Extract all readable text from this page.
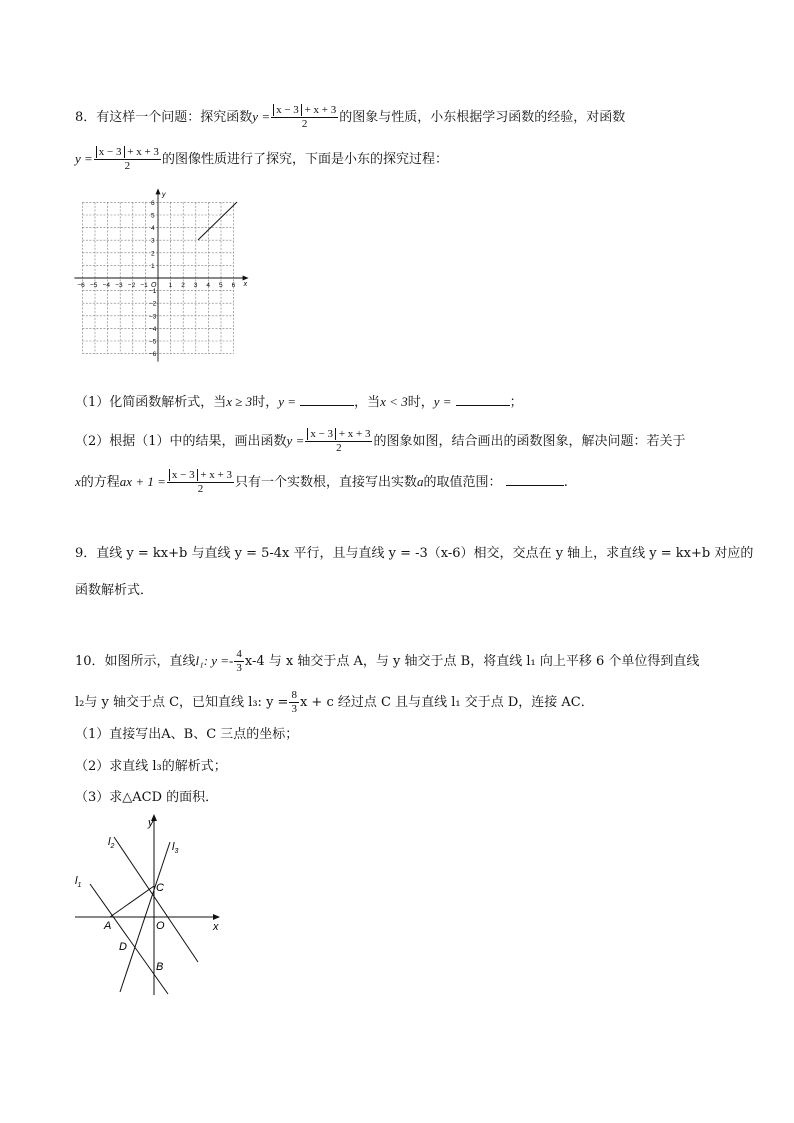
8．有这样一个问题：探究函数$y = \frac{x - 3 + x + 3}{2}$ 的图象与性质，小东根据学习函数的经验，对函数
$y = \frac{x - 3 + x + 3}{2}$ 的图像性质进行了探究，下面是小东的探究过程：
−6 −5 −4 −3 −2 −1	1 2 3 4 5 6
6
5
4
3
2
1
−1
−2
−3
−4
−5
−6
O	x
y
（1）化简函数解析式，当x ≥ 3时，y =	，当x < 3时，y =	；
（2）根据（1）中的结果，画出函数$y = \frac{x - 3 + x + 3}{2}$ 的图象如图，结合画出的函数图象，解决问题：若关于
x的方程ax + $1 = \frac{x - 3 + x + 3}{2}$ 只有一个实数根，直接写出实数a的取值范围：	.
9．直线 y = kx+b 与直线 y = 5-4x 平行，且与直线 y = -3（x-6）相交，交点在 y 轴上，求直线 y = kx+b 对应的
函数解析式．
10．如图所示，直线l₁: $y =- \frac{4}{3} x-4$ 与 x 轴交于点 A，与 y 轴交于点 B，将直线 l₁ 向上平移 6 个单位得到直线
l₂与 y 轴交于点 C，已知直线 l₃: $y = \frac{8}{3}$ x + c 经过点 C 且与直线 l₁ 交于点 D，连接 AC．
（1）直接写出A、B、C 三点的坐标；
（2）求直线 l₃的解析式；
（3）求△ACD 的面积．
y
x
$l_2$	$l_3$
$l_1$	C
A	O
D
B
